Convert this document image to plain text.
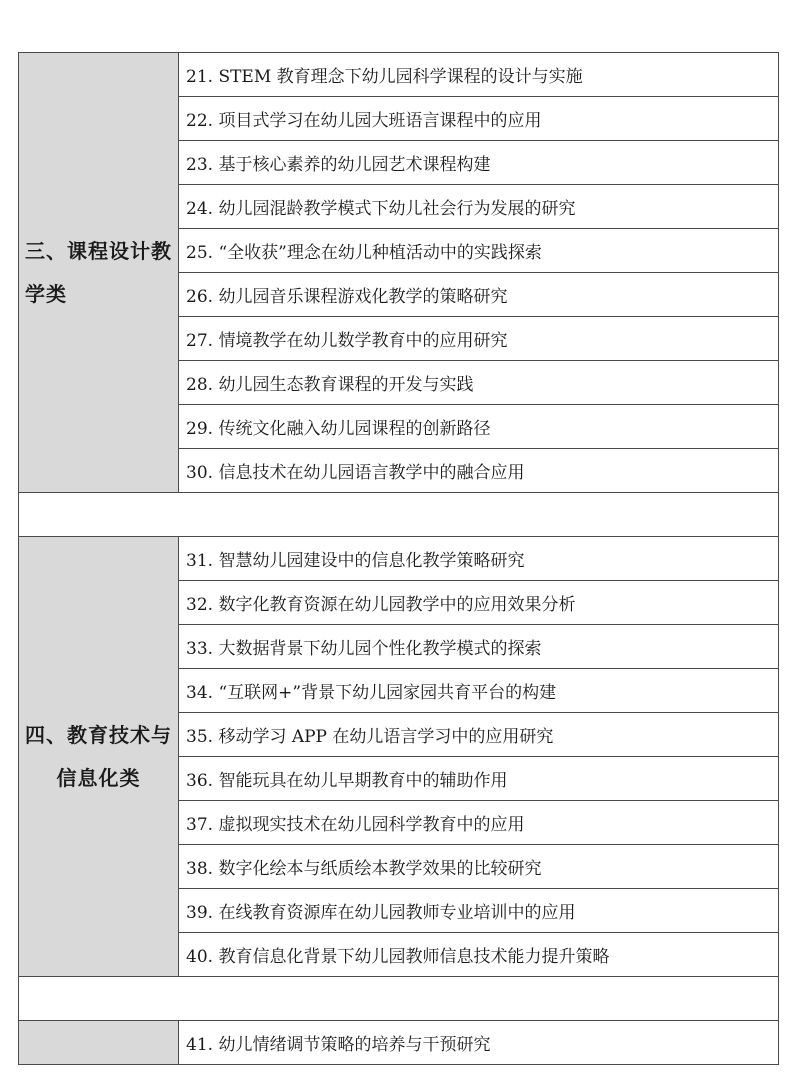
三、课程设计教学类	21. STEM 教育理念下幼儿园科学课程的设计与实施
	22. 项目式学习在幼儿园大班语言课程中的应用
	23. 基于核心素养的幼儿园艺术课程构建
	24. 幼儿园混龄教学模式下幼儿社会行为发展的研究
	25. “全收获”理念在幼儿种植活动中的实践探索
	26. 幼儿园音乐课程游戏化教学的策略研究
	27. 情境教学在幼儿数学教育中的应用研究
	28. 幼儿园生态教育课程的开发与实践
	29. 传统文化融入幼儿园课程的创新路径
	30. 信息技术在幼儿园语言教学中的融合应用

四、教育技术与信息化类	31. 智慧幼儿园建设中的信息化教学策略研究
	32. 数字化教育资源在幼儿园教学中的应用效果分析
	33. 大数据背景下幼儿园个性化教学模式的探索
	34. “互联网+”背景下幼儿园家园共育平台的构建
	35. 移动学习 APP 在幼儿语言学习中的应用研究
	36. 智能玩具在幼儿早期教育中的辅助作用
	37. 虚拟现实技术在幼儿园科学教育中的应用
	38. 数字化绘本与纸质绘本教学效果的比较研究
	39. 在线教育资源库在幼儿园教师专业培训中的应用
	40. 教育信息化背景下幼儿园教师信息技术能力提升策略

	41. 幼儿情绪调节策略的培养与干预研究
